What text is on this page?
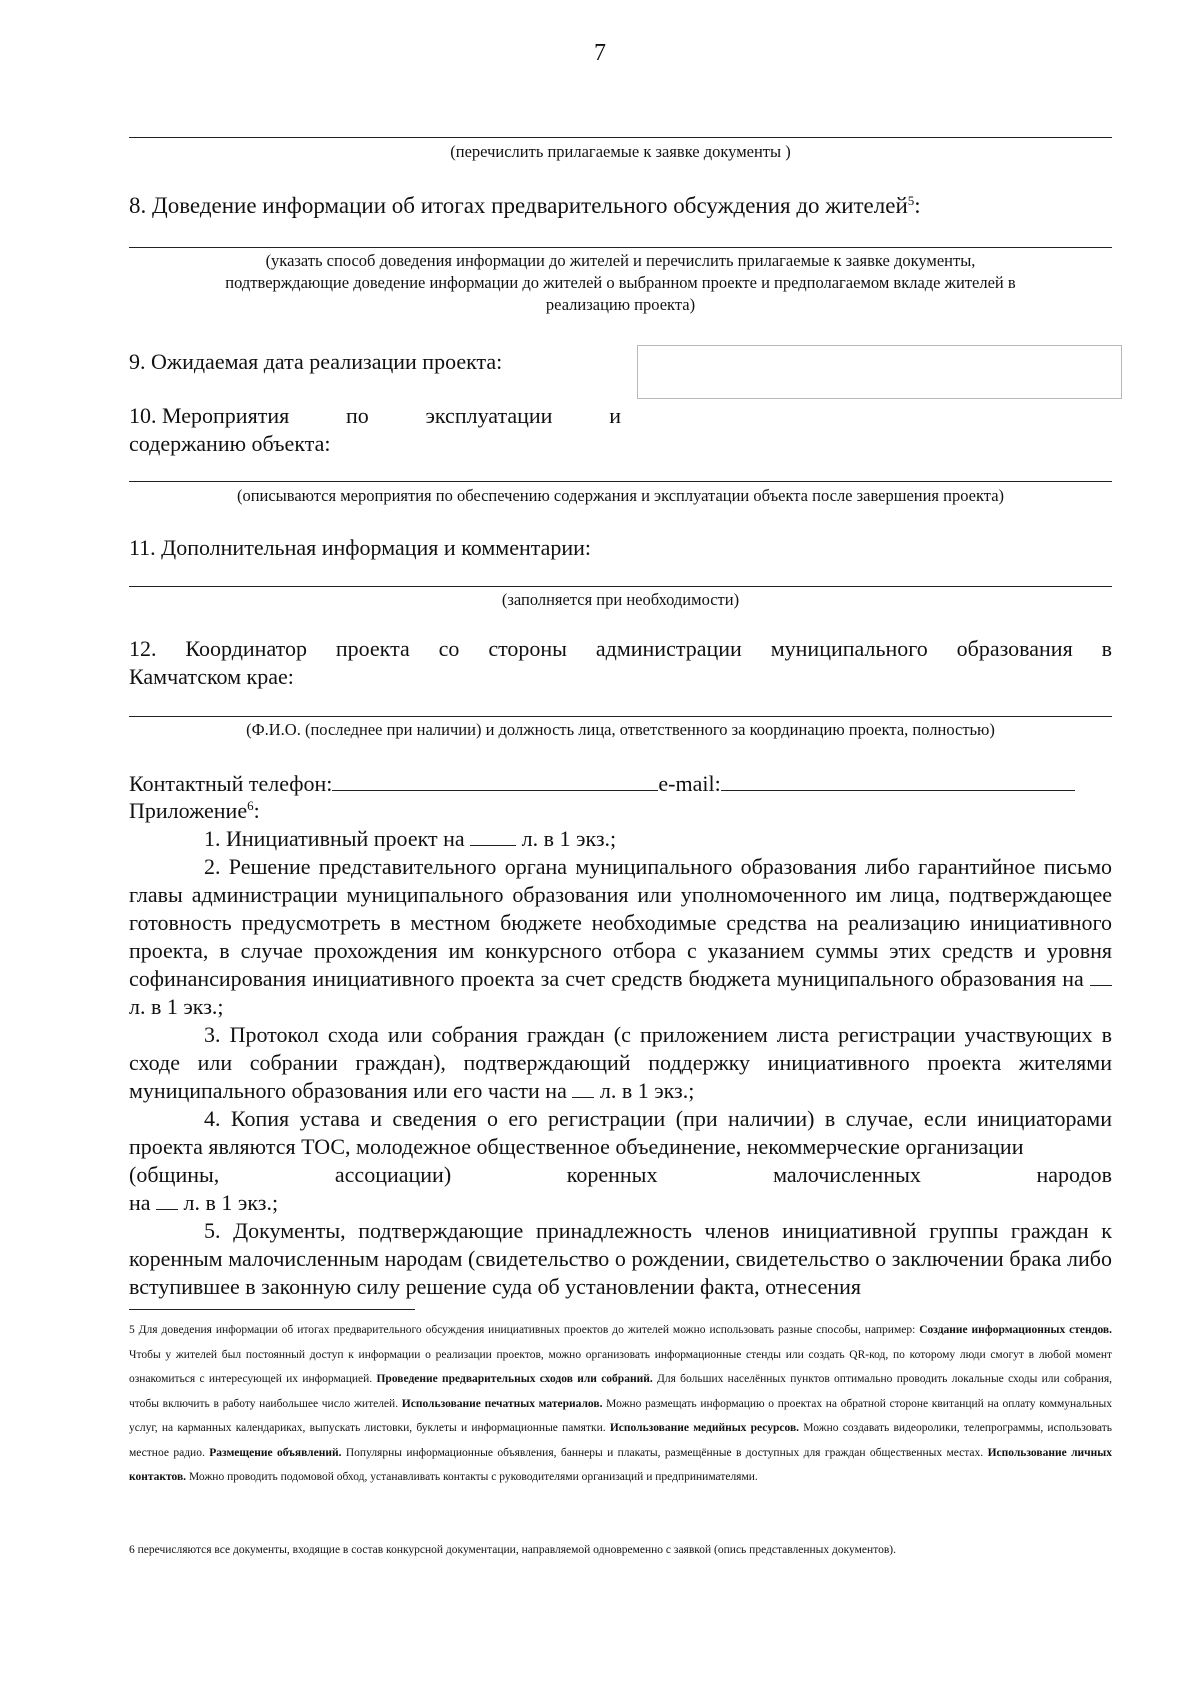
7
(перечислить прилагаемые к заявке документы )
8. Доведение информации об итогах предварительного обсуждения до жителей$^5$:
(указать способ доведения информации до жителей и перечислить прилагаемые к заявке документы,
подтверждающие доведение информации до жителей о выбранном проекте и предполагаемом вкладе жителей в
реализацию проекта)
9. Ожидаемая дата реализации проекта:
10. Мероприятия	по	эксплуатации	и
содержанию объекта:
(описываются мероприятия по обеспечению содержания и эксплуатации объекта после завершения проекта)
11. Дополнительная информация и комментарии:
(заполняется при необходимости)
12. Координатор проекта со стороны администрации муниципального образования в
Камчатском крае:
(Ф.И.О. (последнее при наличии) и должность лица, ответственного за координацию проекта, полностью)
Контактный телефон:	e-mail:
Приложение$^6$:
1. Инициативный проект на	л. в 1 экз.;
2. Решение представительного органа муниципального образования либо гарантийное письмо главы администрации муниципального образования или уполномоченного им лица, подтверждающее готовность предусмотреть в местном бюджете необходимые средства на реализацию инициативного проекта, в случае прохождения им конкурсного отбора с указанием суммы этих средств и уровня софинансирования инициативного проекта за счет средств бюджета муниципального образования на  л. в 1 экз.;
3. Протокол схода или собрания граждан (с приложением листа регистрации участвующих в сходе или собрании граждан), подтверждающий поддержку инициативного проекта жителями муниципального образования или его части на л. в 1 экз.;
4. Копия устава и сведения о его регистрации (при наличии) в случае, если инициаторами проекта являются ТОС, молодежное общественное объединение, некоммерческие организации
(общины,	ассоциации)	коренных	малочисленных	народов
на л. в 1 экз.;
5. Документы, подтверждающие принадлежность членов инициативной группы граждан к коренным малочисленным народам (свидетельство о рождении, свидетельство о заключении брака либо вступившее в законную силу решение суда об установлении факта, отнесения
5 Для доведения информации об итогах предварительного обсуждения инициативных проектов до жителей можно использовать разные способы, например: Создание информационных стендов. Чтобы у жителей был постоянный доступ к информации о реализации проектов, можно организовать информационные стенды или создать QR-код, по которому люди смогут в любой момент ознакомиться с интересующей их информацией. Проведение предварительных сходов или собраний. Для больших населённых пунктов оптимально проводить локальные сходы или собрания, чтобы включить в работу наибольшее число жителей. Использование печатных материалов. Можно размещать информацию о проектах на обратной стороне квитанций на оплату коммунальных услуг, на карманных календариках, выпускать листовки, буклеты и информационные памятки. Использование медийных ресурсов. Можно создавать видеоролики, телепрограммы, использовать местное радио. Размещение объявлений. Популярны информационные объявления, баннеры и плакаты, размещённые в доступных для граждан общественных местах. Использование личных контактов. Можно проводить подомовой обход, устанавливать контакты с руководителями организаций и предпринимателями.
6 перечисляются все документы, входящие в состав конкурсной документации, направляемой одновременно с заявкой (опись представленных документов).
